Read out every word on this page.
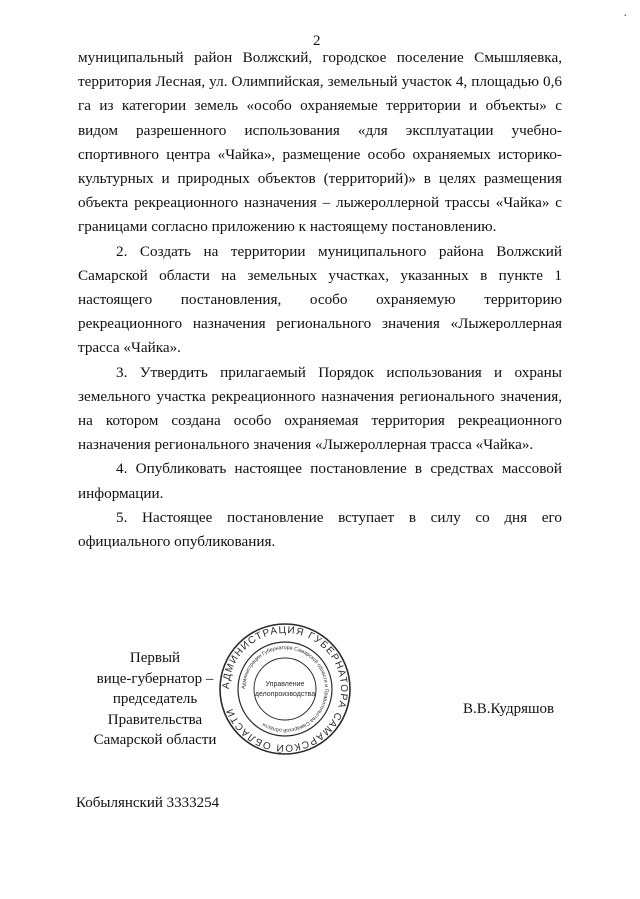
2
·

муниципальный район Волжский, городское поселение Смышляевка, территория Лесная, ул. Олимпийская, земельный участок 4, площадью 0,6 га из категории земель «особо охраняемые территории и объекты» с видом разрешенного использования «для эксплуатации учебно-спортивного центра «Чайка», размещение особо охраняемых историко-культурных и природных объектов (территорий)» в целях размещения объекта рекреационного назначения – лыжероллерной трассы «Чайка» с границами согласно приложению к настоящему постановлению.

2. Создать на территории муниципального района Волжский Самарской области на земельных участках, указанных в пункте 1 настоящего постановления, особо охраняемую территорию рекреационного назначения регионального значения «Лыжероллерная трасса «Чайка».

3. Утвердить прилагаемый Порядок использования и охраны земельного участка рекреационного назначения регионального значения, на котором создана особо охраняемая территория рекреационного назначения регионального значения «Лыжероллерная трасса «Чайка».

4. Опубликовать настоящее постановление в средствах массовой информации.

5. Настоящее постановление вступает в силу со дня его официального опубликования.

АДМИНИСТРАЦИЯ ГУБЕРНАТОРА САМАРСКОЙ ОБЛАСТИ
Администрация Губернатора Самарской области и Правительства Самарской области
Управление
делопроизводства
Первый
вице-губернатор –
председатель Правительства
Самарской области
В.В.Кудряшов
Кобылянский 3333254
